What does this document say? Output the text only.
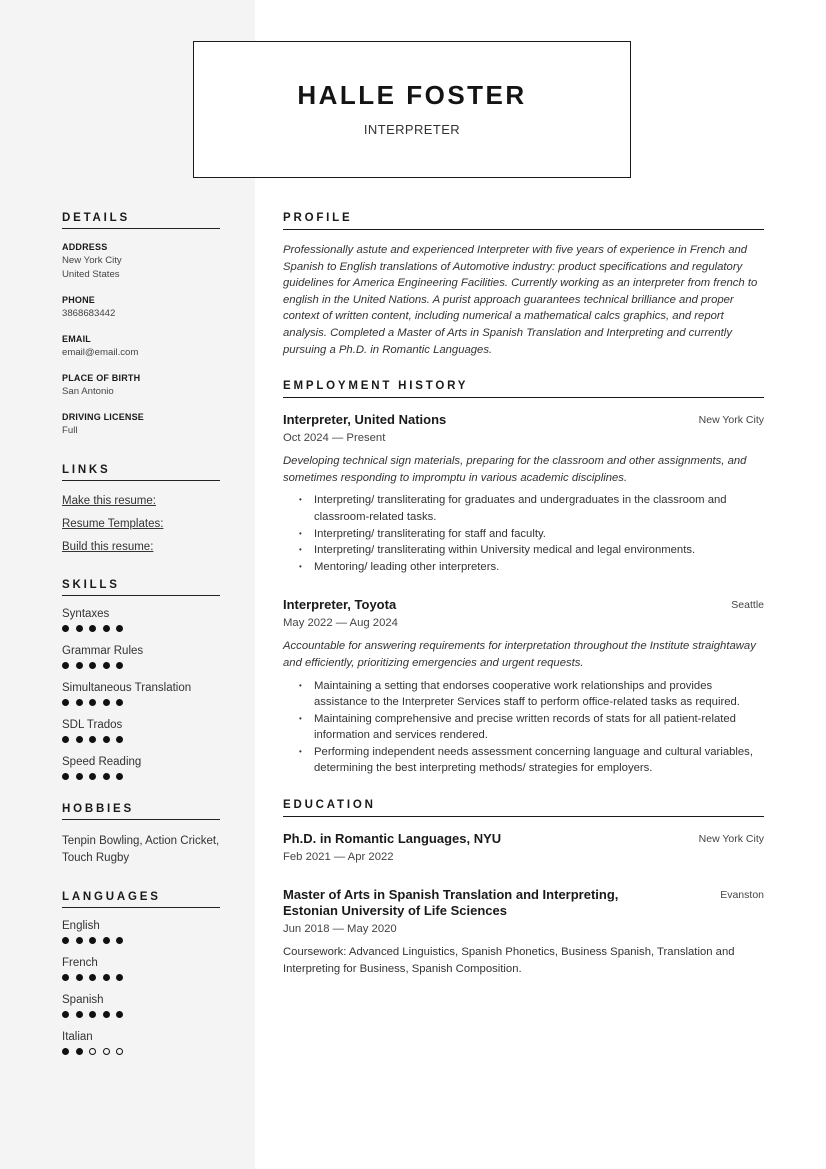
HALLE FOSTER
INTERPRETER
DETAILS
ADDRESS
New York City
United States
PHONE
3868683442
EMAIL
email@email.com
PLACE OF BIRTH
San Antonio
DRIVING LICENSE
Full
LINKS
Make this resume:
Resume Templates:
Build this resume:
SKILLS
Syntaxes
Grammar Rules
Simultaneous Translation
SDL Trados
Speed Reading
HOBBIES
Tenpin Bowling, Action Cricket, Touch Rugby
LANGUAGES
English
French
Spanish
Italian
PROFILE
Professionally astute and experienced Interpreter with five years of experience in French and Spanish to English translations of Automotive industry: product specifications and regulatory guidelines for America Engineering Facilities. Currently working as an interpreter from french to english in the United Nations. A purist approach guarantees technical brilliance and proper context of written content, including numerical a mathematical calcs graphics, and report analysis. Completed a Master of Arts in Spanish Translation and Interpreting and currently pursuing a Ph.D. in Romantic Languages.
EMPLOYMENT HISTORY
Interpreter, United Nations	New York City
Oct 2024 — Present
Developing technical sign materials, preparing for the classroom and other assignments, and sometimes responding to impromptu in various academic disciplines.
• Interpreting/ transliterating for graduates and undergraduates in the classroom and classroom-related tasks.
• Interpreting/ transliterating for staff and faculty.
• Interpreting/ transliterating within University medical and legal environments.
• Mentoring/ leading other interpreters.
Interpreter, Toyota	Seattle
May 2022 — Aug 2024
Accountable for answering requirements for interpretation throughout the Institute straightaway and efficiently, prioritizing emergencies and urgent requests.
• Maintaining a setting that endorses cooperative work relationships and provides assistance to the Interpreter Services staff to perform office-related tasks as required.
• Maintaining comprehensive and precise written records of stats for all patient-related information and services rendered.
• Performing independent needs assessment concerning language and cultural variables, determining the best interpreting methods/ strategies for employers.
EDUCATION
Ph.D. in Romantic Languages, NYU	New York City
Feb 2021 — Apr 2022
Master of Arts in Spanish Translation and Interpreting, Estonian University of Life Sciences
Evanston
Jun 2018 — May 2020
Coursework: Advanced Linguistics, Spanish Phonetics, Business Spanish, Translation and Interpreting for Business, Spanish Composition.
